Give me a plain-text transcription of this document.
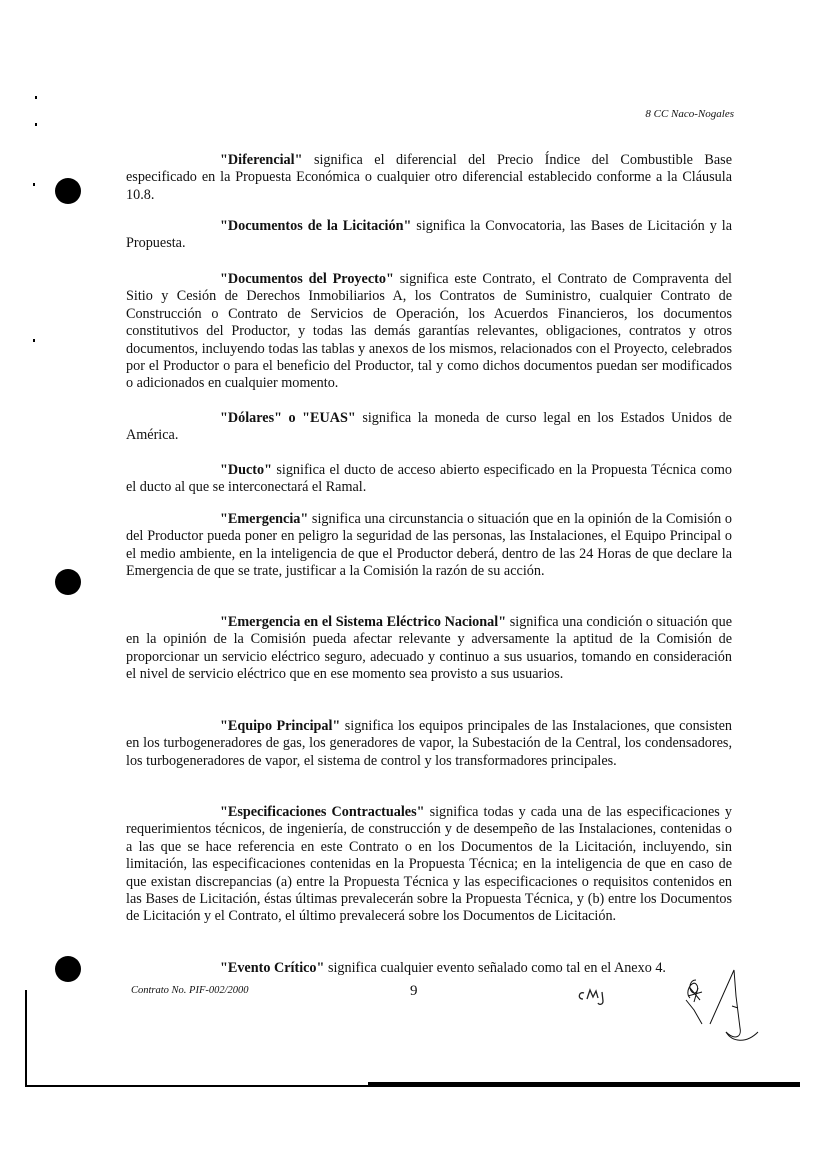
8 CC Naco-Nogales

"Diferencial" significa el diferencial del Precio Índice del Combustible Base especificado en la Propuesta Económica o cualquier otro diferencial establecido conforme a la Cláusula 10.8.

"Documentos de la Licitación" significa la Convocatoria, las Bases de Licitación y la Propuesta.

"Documentos del Proyecto" significa este Contrato, el Contrato de Compraventa del Sitio y Cesión de Derechos Inmobiliarios A, los Contratos de Suministro, cualquier Contrato de Construcción o Contrato de Servicios de Operación, los Acuerdos Financieros, los documentos constitutivos del Productor, y todas las demás garantías relevantes, obligaciones, contratos y otros documentos, incluyendo todas las tablas y anexos de los mismos, relacionados con el Proyecto, celebrados por el Productor o para el beneficio del Productor, tal y como dichos documentos puedan ser modificados o adicionados en cualquier momento.

"Dólares" o "EUAS" significa la moneda de curso legal en los Estados Unidos de América.

"Ducto" significa el ducto de acceso abierto especificado en la Propuesta Técnica como el ducto al que se interconectará el Ramal.

"Emergencia" significa una circunstancia o situación que en la opinión de la Comisión o del Productor pueda poner en peligro la seguridad de las personas, las Instalaciones, el Equipo Principal o el medio ambiente, en la inteligencia de que el Productor deberá, dentro de las 24 Horas de que declare la Emergencia de que se trate, justificar a la Comisión la razón de su acción.

"Emergencia en el Sistema Eléctrico Nacional" significa una condición o situación que en la opinión de la Comisión pueda afectar relevante y adversamente la aptitud de la Comisión de proporcionar un servicio eléctrico seguro, adecuado y continuo a sus usuarios, tomando en consideración el nivel de servicio eléctrico que en ese momento sea provisto a sus usuarios.

"Equipo Principal" significa los equipos principales de las Instalaciones, que consisten en los turbogeneradores de gas, los generadores de vapor, la Subestación de la Central, los condensadores, los turbogeneradores de vapor, el sistema de control y los transformadores principales.

"Especificaciones Contractuales" significa todas y cada una de las especificaciones y requerimientos técnicos, de ingeniería, de construcción y de desempeño de las Instalaciones, contenidas o a las que se hace referencia en este Contrato o en los Documentos de la Licitación, incluyendo, sin limitación, las especificaciones contenidas en la Propuesta Técnica; en la inteligencia de que en caso de que existan discrepancias (a) entre la Propuesta Técnica y las especificaciones o requisitos contenidos en las Bases de Licitación, éstas últimas prevalecerán sobre la Propuesta Técnica, y (b) entre los Documentos de Licitación y el Contrato, el último prevalecerá sobre los Documentos de Licitación.

"Evento Crítico" significa cualquier evento señalado como tal en el Anexo 4.

Contrato No. PIF-002/2000	9
